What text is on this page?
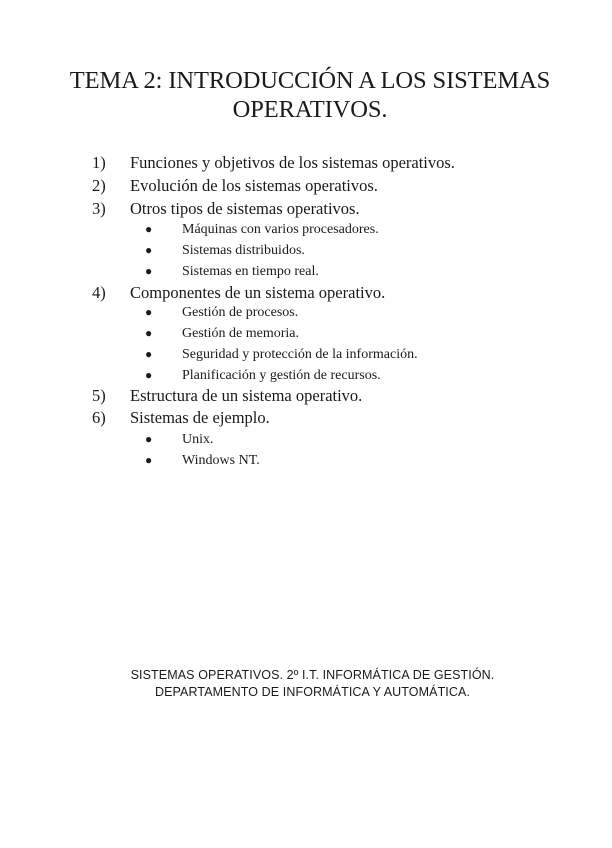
TEMA 2: INTRODUCCIÓN A LOS SISTEMAS
OPERATIVOS.
1) Funciones y objetivos de los sistemas operativos.
2) Evolución de los sistemas operativos.
3) Otros tipos de sistemas operativos.
● Máquinas con varios procesadores.
● Sistemas distribuidos.
● Sistemas en tiempo real.
4) Componentes de un sistema operativo.
● Gestión de procesos.
● Gestión de memoria.
● Seguridad y protección de la información.
● Planificación y gestión de recursos.
5) Estructura de un sistema operativo.
6) Sistemas de ejemplo.
● Unix.
● Windows NT.
SISTEMAS OPERATIVOS. 2º I.T. INFORMÁTICA DE GESTIÓN.
DEPARTAMENTO DE INFORMÁTICA Y AUTOMÁTICA.
